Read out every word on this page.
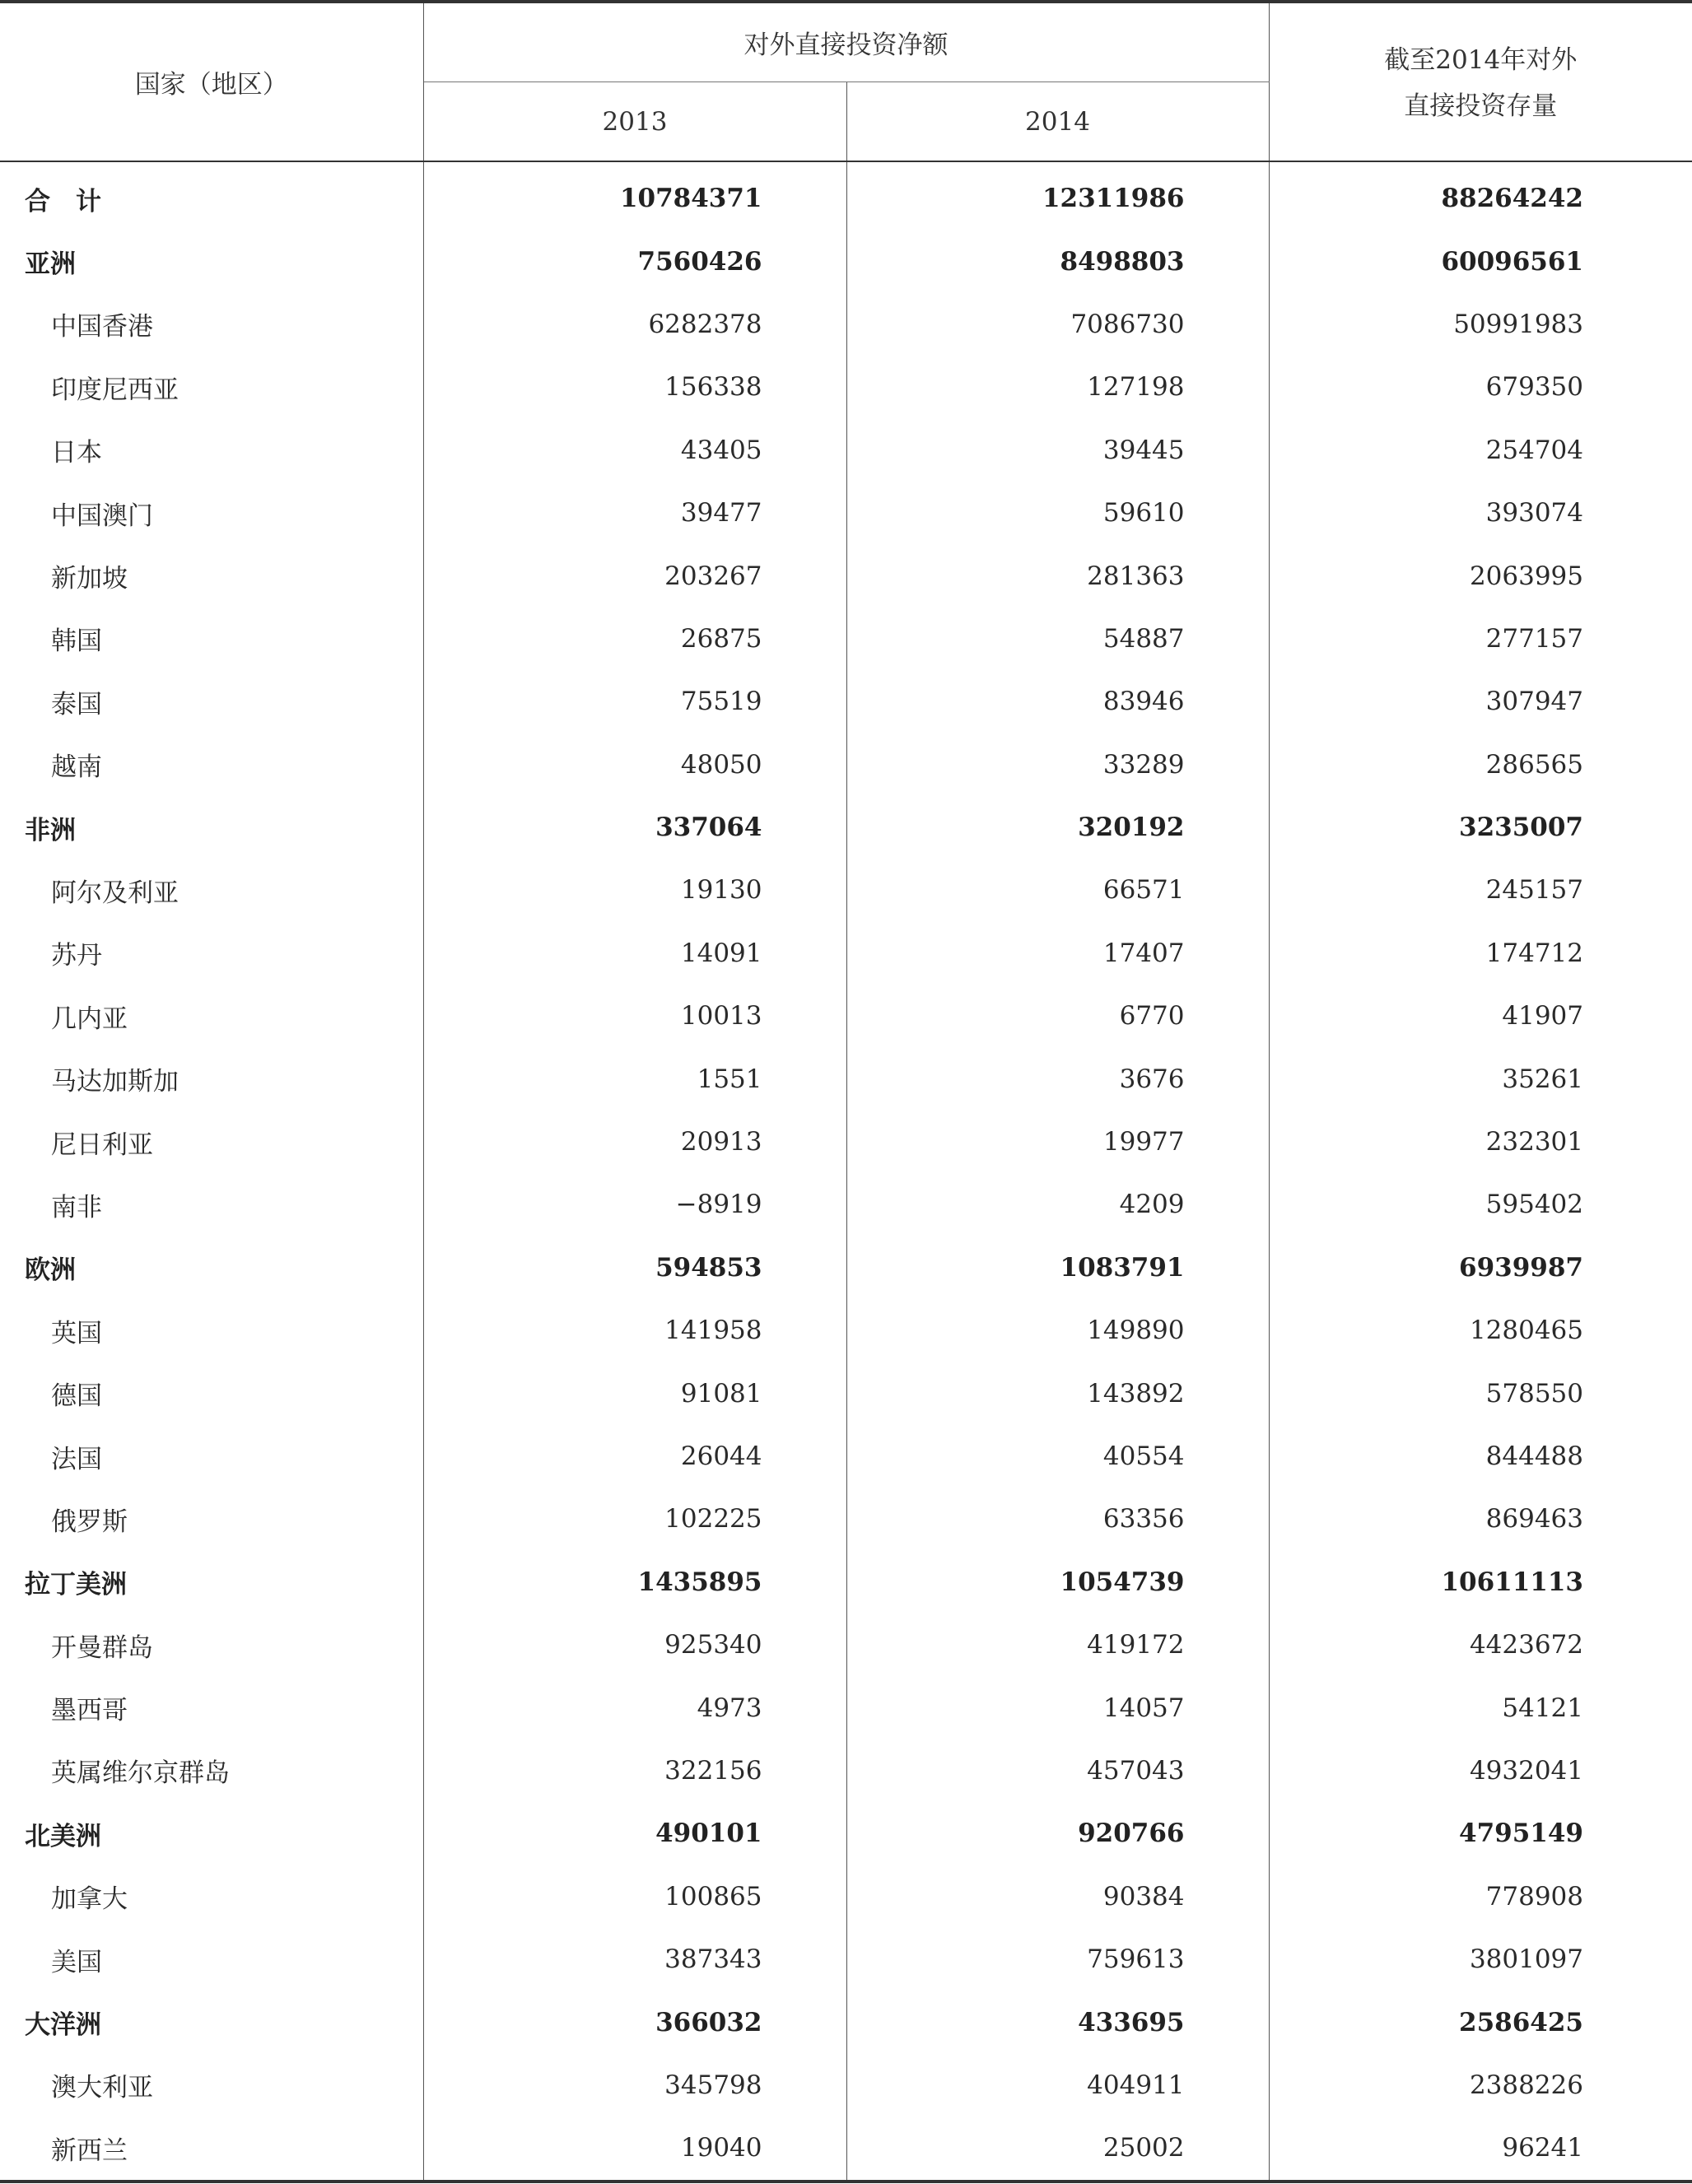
国家（地区）	对外直接投资净额		截至2014年对外
直接投资存量
	2013	2014	
合　计	10784371	12311986	88264242
亚洲	7560426	8498803	60096561
中国香港	6282378	7086730	50991983
印度尼西亚	156338	127198	679350
日本	43405	39445	254704
中国澳门	39477	59610	393074
新加坡	203267	281363	2063995
韩国	26875	54887	277157
泰国	75519	83946	307947
越南	48050	33289	286565
非洲	337064	320192	3235007
阿尔及利亚	19130	66571	245157
苏丹	14091	17407	174712
几内亚	10013	6770	41907
马达加斯加	1551	3676	35261
尼日利亚	20913	19977	232301
南非	−8919	4209	595402
欧洲	594853	1083791	6939987
英国	141958	149890	1280465
德国	91081	143892	578550
法国	26044	40554	844488
俄罗斯	102225	63356	869463
拉丁美洲	1435895	1054739	10611113
开曼群岛	925340	419172	4423672
墨西哥	4973	14057	54121
英属维尔京群岛	322156	457043	4932041
北美洲	490101	920766	4795149
加拿大	100865	90384	778908
美国	387343	759613	3801097
大洋洲	366032	433695	2586425
澳大利亚	345798	404911	2388226
新西兰	19040	25002	96241
